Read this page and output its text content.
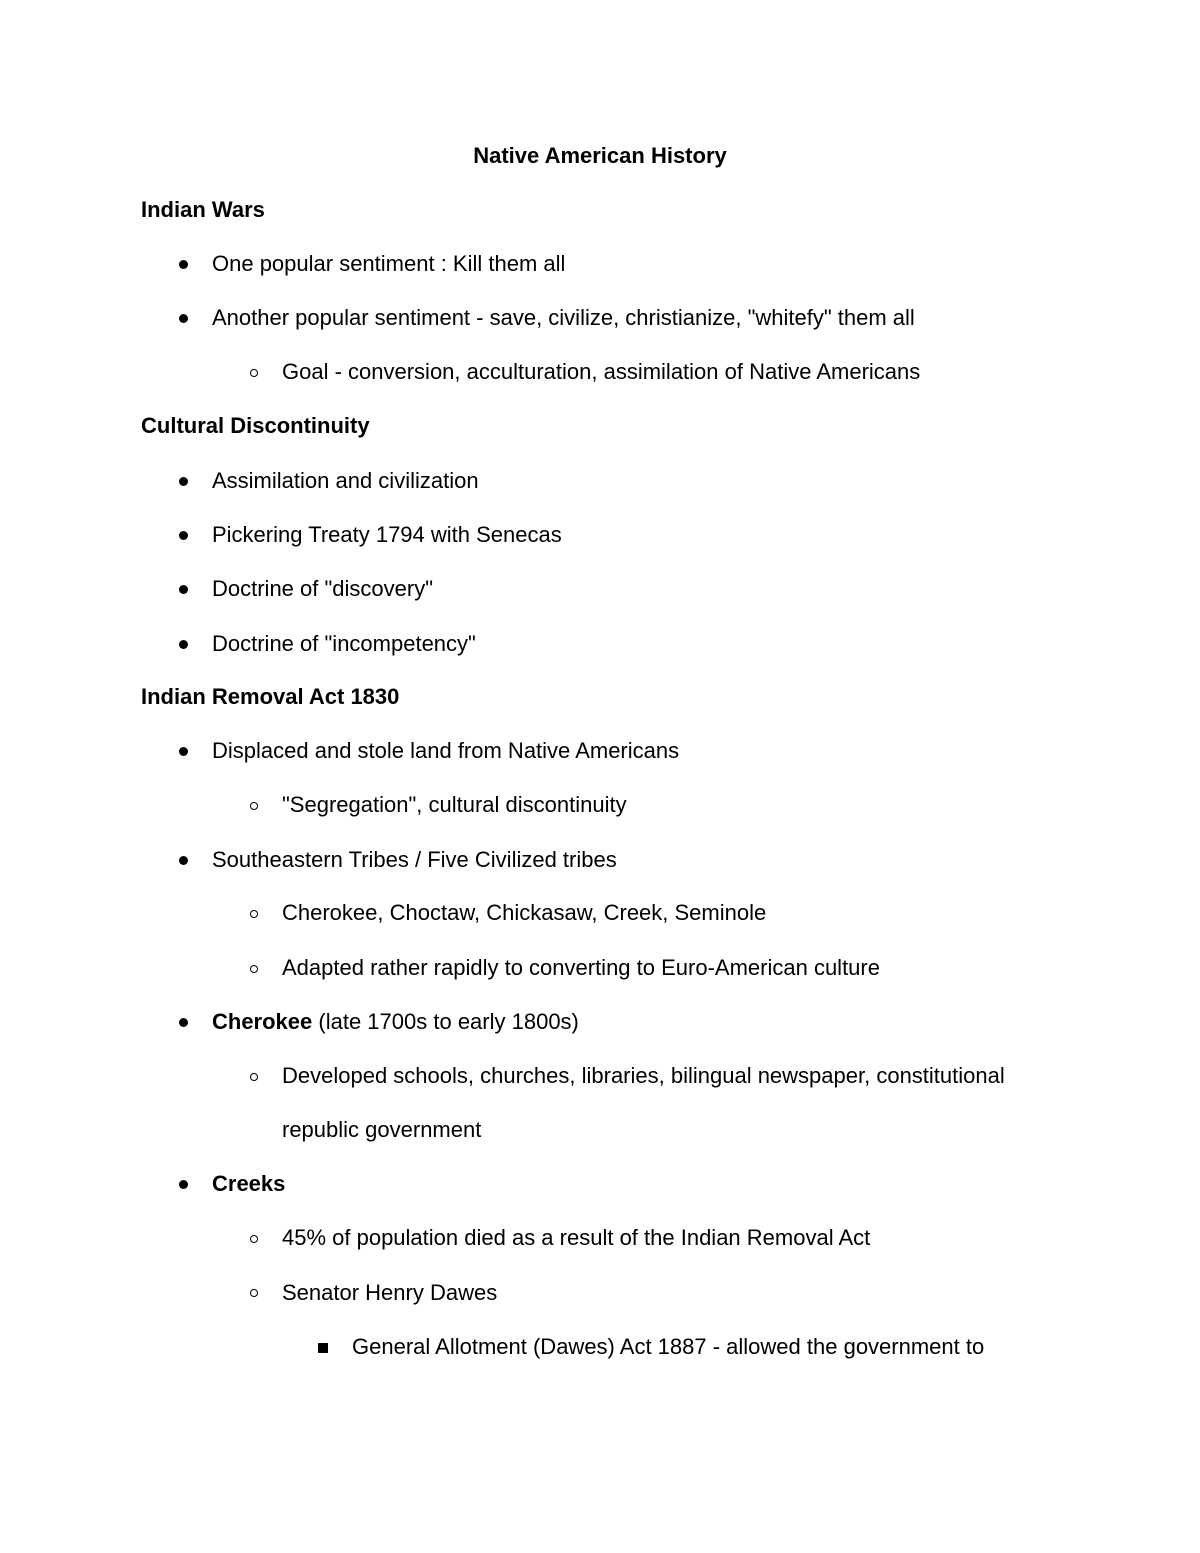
Native American History
Indian Wars
One popular sentiment : Kill them all
Another popular sentiment - save, civilize, christianize, "whitefy" them all
Goal - conversion, acculturation, assimilation of Native Americans
Cultural Discontinuity
Assimilation and civilization
Pickering Treaty 1794 with Senecas
Doctrine of "discovery"
Doctrine of "incompetency"
Indian Removal Act 1830
Displaced and stole land from Native Americans
"Segregation", cultural discontinuity
Southeastern Tribes / Five Civilized tribes
Cherokee, Choctaw, Chickasaw, Creek, Seminole
Adapted rather rapidly to converting to Euro-American culture
Cherokee (late 1700s to early 1800s)
Developed schools, churches, libraries, bilingual newspaper, constitutional
republic government
Creeks
45% of population died as a result of the Indian Removal Act
Senator Henry Dawes
General Allotment (Dawes) Act 1887 - allowed the government to
